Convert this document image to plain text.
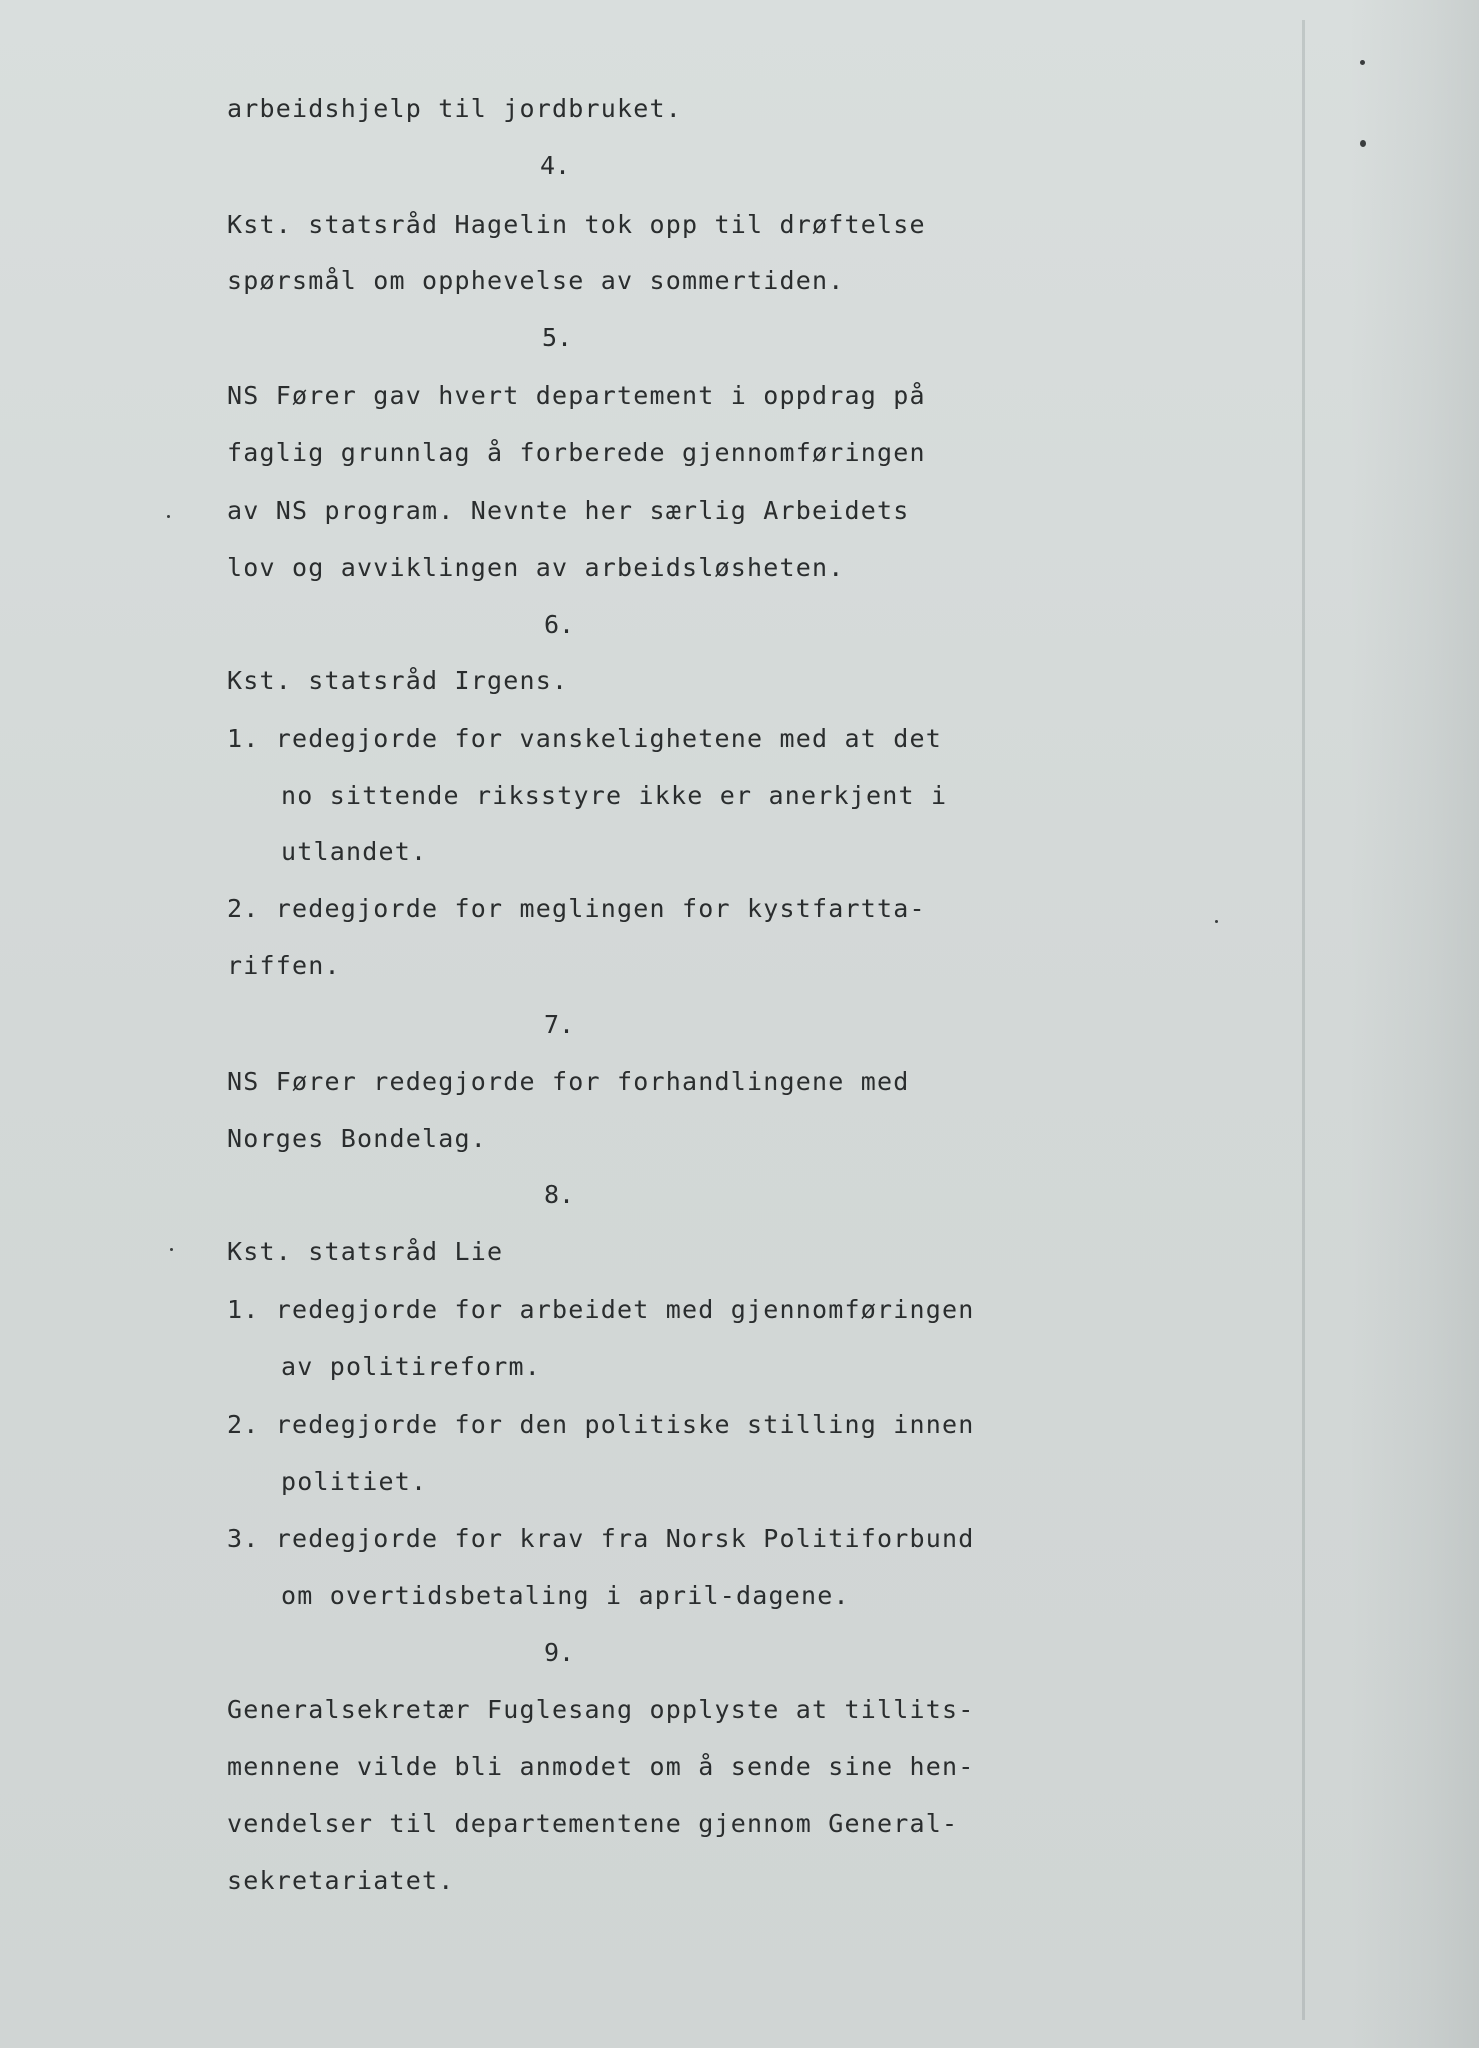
arbeidshjelp til jordbruket.
4.
Kst. statsråd Hagelin tok opp til drøftelse
spørsmål om opphevelse av sommertiden.
5.
NS Fører gav hvert departement i oppdrag på
faglig grunnlag å forberede gjennomføringen
av NS program. Nevnte her særlig Arbeidets
lov og avviklingen av arbeidsløsheten.
6.
Kst. statsråd Irgens.
1. redegjorde for vanskelighetene med at det
no sittende riksstyre ikke er anerkjent i
utlandet.
2. redegjorde for meglingen for kystfartta-
riffen.
7.
NS Fører redegjorde for forhandlingene med
Norges Bondelag.
8.
Kst. statsråd Lie
1. redegjorde for arbeidet med gjennomføringen
av politireform.
2. redegjorde for den politiske stilling innen
politiet.
3. redegjorde for krav fra Norsk Politiforbund
om overtidsbetaling i april-dagene.
9.
Generalsekretær Fuglesang opplyste at tillits-
mennene vilde bli anmodet om å sende sine hen-
vendelser til departementene gjennom General-
sekretariatet.
